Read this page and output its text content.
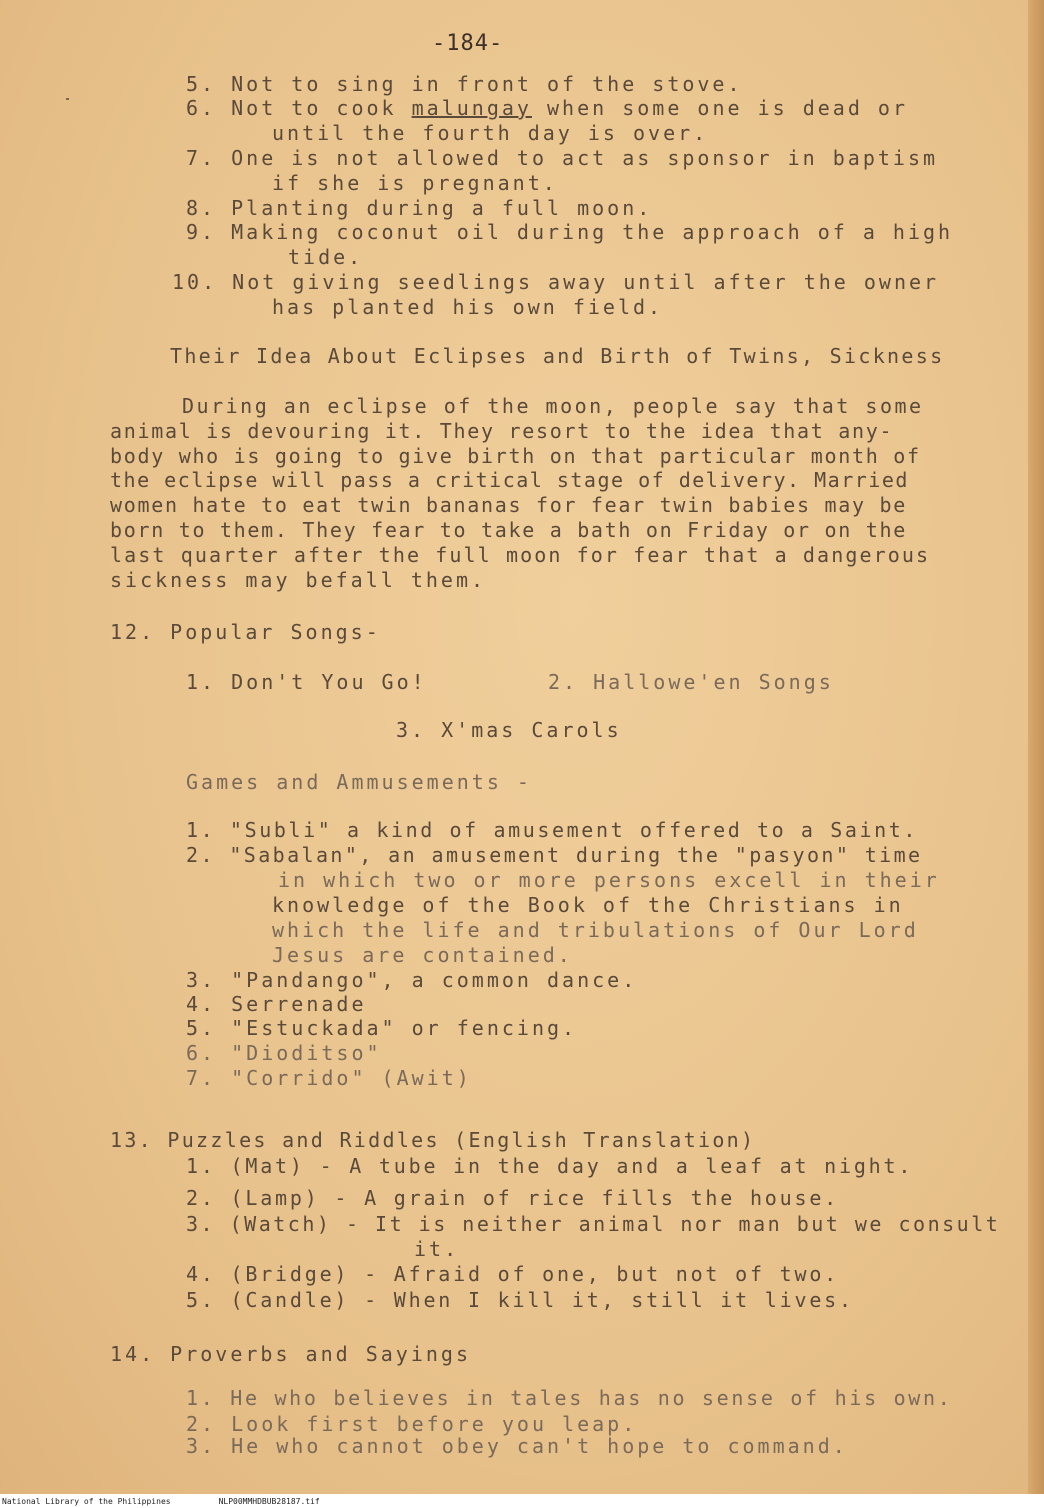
-184-
5. Not to sing in front of the stove.
6. Not to cook malungay when some one is dead or
until the fourth day is over.
7. One is not allowed to act as sponsor in baptism
if she is pregnant.
8. Planting during a full moon.
9. Making coconut oil during the approach of a high
tide.
10. Not giving seedlings away until after the owner
has planted his own field.
Their Idea About Eclipses and Birth of Twins, Sickness
During an eclipse of the moon, people say that some
animal is devouring it. They resort to the idea that any-
body who is going to give birth on that particular month of
the eclipse will pass a critical stage of delivery. Married
women hate to eat twin bananas for fear twin babies may be
born to them. They fear to take a bath on Friday or on the
last quarter after the full moon for fear that a dangerous
sickness may befall them.
12. Popular Songs-
1. Don't You Go!	2. Hallowe'en Songs
3. X'mas Carols
Games and Ammusements -
1. "Subli" a kind of amusement offered to a Saint.
2. "Sabalan", an amusement during the "pasyon" time
in which two or more persons excell in their
knowledge of the Book of the Christians in
which the life and tribulations of Our Lord
Jesus are contained.
3. "Pandango", a common dance.
4. Serrenade
5. "Estuckada" or fencing.
6. "Dioditso"
7. "Corrido" (Awit)
13. Puzzles and Riddles (English Translation)
1. (Mat) - A tube in the day and a leaf at night.
2. (Lamp) - A grain of rice fills the house.
3. (Watch) - It is neither animal nor man but we consult
it.
4. (Bridge) - Afraid of one, but not of two.
5. (Candle) - When I kill it, still it lives.
14. Proverbs and Sayings
1. He who believes in tales has no sense of his own.
2. Look first before you leap.
3. He who cannot obey can't hope to command.
National Library of the Philippines	NLP00MMHDBUB28187.tif
